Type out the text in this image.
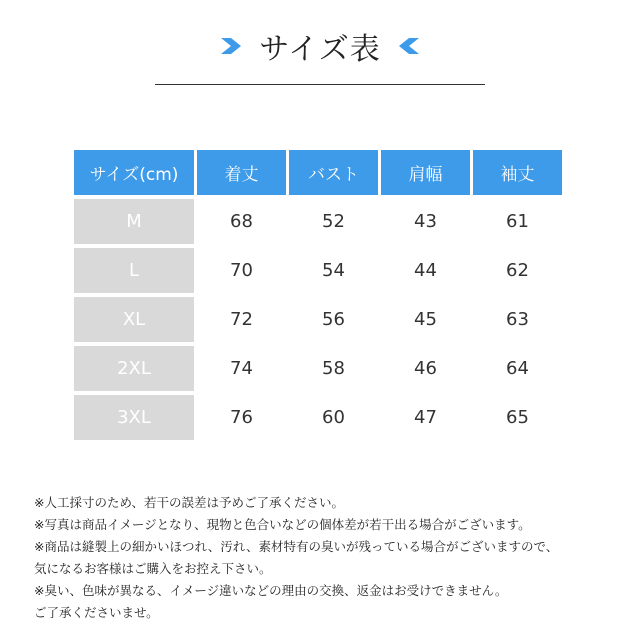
サイズ表
サイズ(cm)	着丈	バスト	肩幅	袖丈
M	68	52	43	61
L	70	54	44	62
XL	72	56	45	63
2XL	74	58	46	64
3XL	76	60	47	65
※人工採寸のため、若干の誤差は予めご了承ください。
※写真は商品イメージとなり、現物と色合いなどの個体差が若干出る場合がございます。
※商品は縫製上の細かいほつれ、汚れ、素材特有の臭いが残っている場合がございますので、
気になるお客様はご購入をお控え下さい。
※臭い、色味が異なる、イメージ違いなどの理由の交換、返金はお受けできません。
ご了承くださいませ。
